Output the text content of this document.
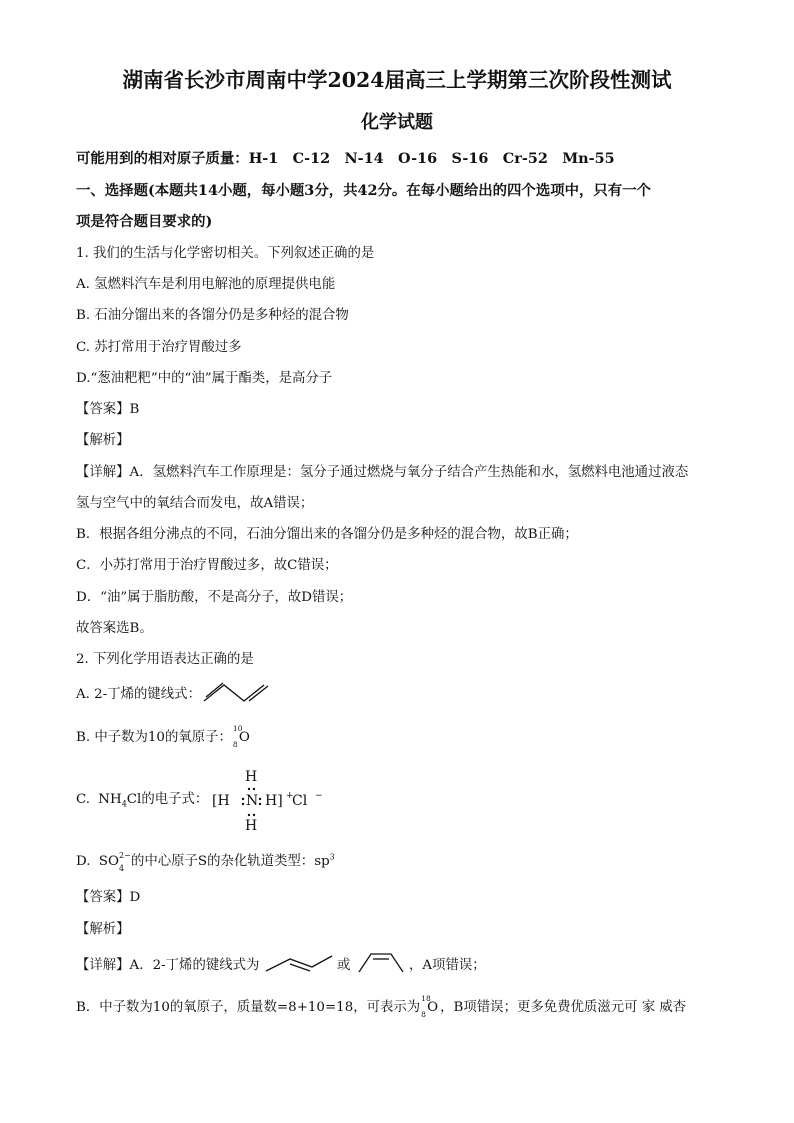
湖南省长沙市周南中学2024届高三上学期第三次阶段性测试
化学试题
可能用到的相对原子质量：H-1　C-12　N-14　O-16　S-16　Cr-52　Mn-55
一、选择题(本题共14小题，每小题3分，共42分。在每小题给出的四个选项中，只有一个
项是符合题目要求的)
1. 我们的生活与化学密切相关。下列叙述正确的是
A. 氢燃料汽车是利用电解池的原理提供电能
B. 石油分馏出来的各馏分仍是多种烃的混合物
C. 苏打常用于治疗胃酸过多
D.“葱油粑粑”中的“油”属于酯类，是高分子
【答案】B
【解析】
【详解】A．氢燃料汽车工作原理是：氢分子通过燃烧与氧分子结合产生热能和水，氢燃料电池通过液态
氢与空气中的氧结合而发电，故A错误；
B．根据各组分沸点的不同，石油分馏出来的各馏分仍是多种烃的混合物，故B正确；
C．小苏打常用于治疗胃酸过多，故C错误；
D．“油”属于脂肪酸，不是高分子，故D错误；
故答案选B。
2. 下列化学用语表达正确的是
A. 2-丁烯的键线式：
B. 中子数为10的氧原子：
10
8 O
C. $NH_4Cl$的电子式：
H
[H N H] +
Cl −
H
D. SO 2−
4 的中心原子S的杂化轨道类型：$sp^3$
【答案】D
【解析】
【详解】A．2-丁烯的键线式为	或	，A项错误；
B．中子数为10的氧原子，质量数=8+10=18，可表示为
18
8 O ，B项错误；更多免费优质滋元可 家 威杏
